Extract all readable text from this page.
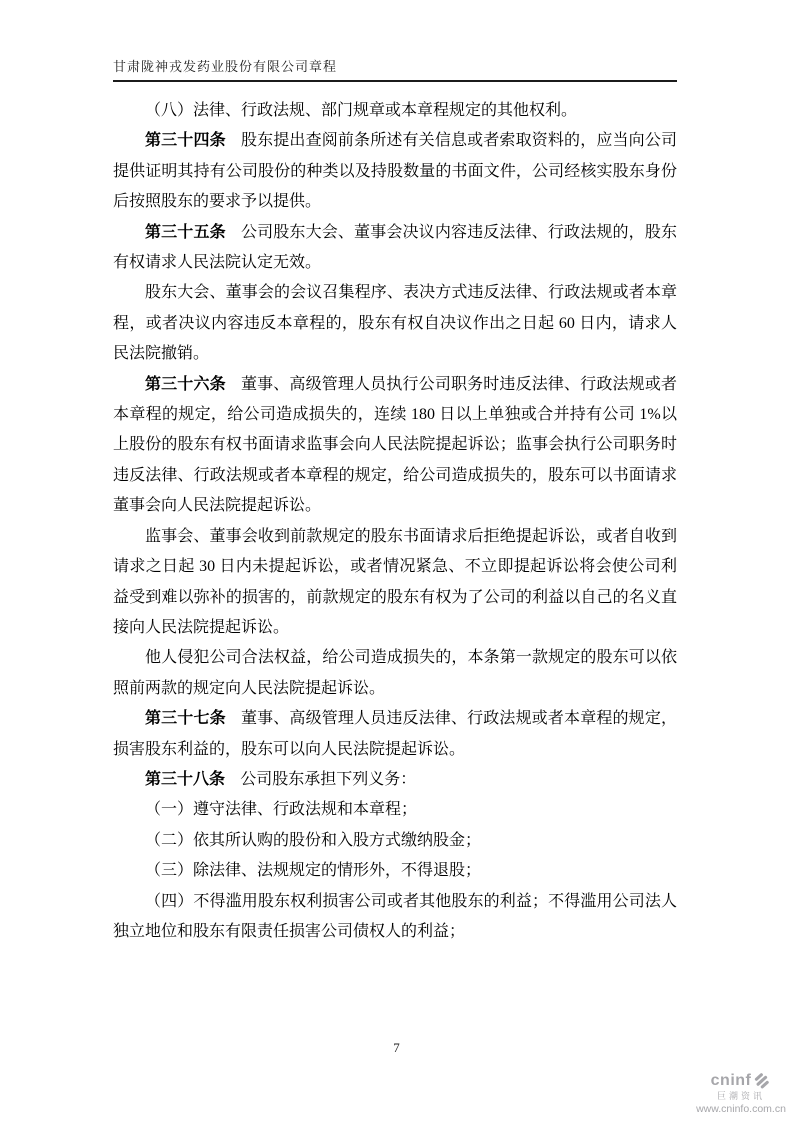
甘肃陇神戎发药业股份有限公司章程

（八）法律、行政法规、部门规章或本章程规定的其他权利。

第三十四条 股东提出查阅前条所述有关信息或者索取资料的，应当向公司提供证明其持有公司股份的种类以及持股数量的书面文件，公司经核实股东身份后按照股东的要求予以提供。

第三十五条 公司股东大会、董事会决议内容违反法律、行政法规的，股东有权请求人民法院认定无效。

股东大会、董事会的会议召集程序、表决方式违反法律、行政法规或者本章程，或者决议内容违反本章程的，股东有权自决议作出之日起 60 日内，请求人民法院撤销。

第三十六条 董事、高级管理人员执行公司职务时违反法律、行政法规或者本章程的规定，给公司造成损失的，连续 180 日以上单独或合并持有公司 1%以上股份的股东有权书面请求监事会向人民法院提起诉讼；监事会执行公司职务时违反法律、行政法规或者本章程的规定，给公司造成损失的，股东可以书面请求董事会向人民法院提起诉讼。

监事会、董事会收到前款规定的股东书面请求后拒绝提起诉讼，或者自收到请求之日起 30 日内未提起诉讼，或者情况紧急、不立即提起诉讼将会使公司利益受到难以弥补的损害的，前款规定的股东有权为了公司的利益以自己的名义直接向人民法院提起诉讼。

他人侵犯公司合法权益，给公司造成损失的，本条第一款规定的股东可以依照前两款的规定向人民法院提起诉讼。

第三十七条 董事、高级管理人员违反法律、行政法规或者本章程的规定，损害股东利益的，股东可以向人民法院提起诉讼。

第三十八条 公司股东承担下列义务：

（一）遵守法律、行政法规和本章程；

（二）依其所认购的股份和入股方式缴纳股金；

（三）除法律、法规规定的情形外，不得退股；

（四）不得滥用股东权利损害公司或者其他股东的利益；不得滥用公司法人独立地位和股东有限责任损害公司债权人的利益；

7
cninf
巨潮资讯
www.cninfo.com.cn
